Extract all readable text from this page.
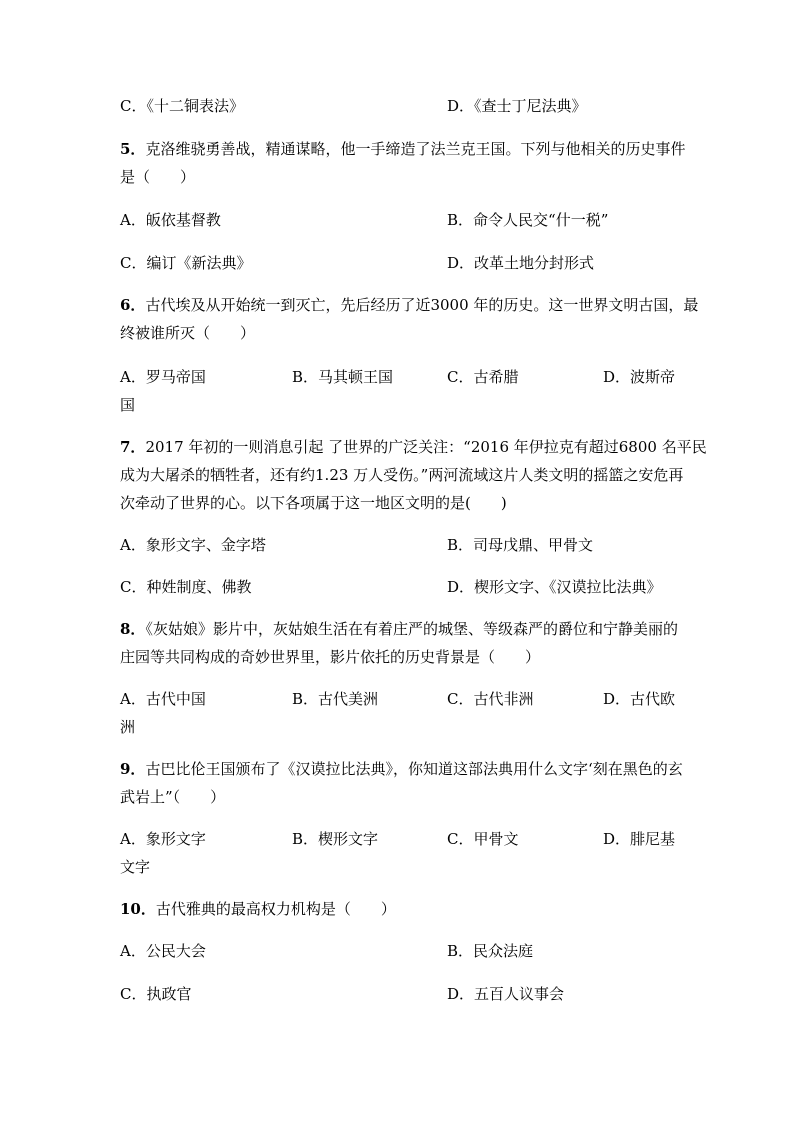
C．《十二铜表法》	D．《查士丁尼法典》
5．克洛维骁勇善战，精通谋略，他一手缔造了法兰克王国。下列与他相关的历史事件
是（　　）
A．皈依基督教	B．命令人民交“什一税”
C．编订《新法典》	D．改革土地分封形式
6．古代埃及从开始统一到灭亡，先后经历了近3000 年的历史。这一世界文明古国，最
终被谁所灭（　　）
A．罗马帝国	B．马其顿王国	C．古希腊	D．波斯帝
国
7．2017 年初的一则消息引起 了世界的广泛关注：“2016 年伊拉克有超过6800 名平民
成为大屠杀的牺牲者，还有约1.23 万人受伤。”两河流域这片人类文明的摇篮之安危再
次牵动了世界的心。以下各项属于这一地区文明的是(　　)
A．象形文字、金字塔	B．司母戊鼎、甲骨文
C．种姓制度、佛教	D．楔形文字、《汉谟拉比法典》
8．《灰姑娘》影片中，灰姑娘生活在有着庄严的城堡、等级森严的爵位和宁静美丽的
庄园等共同构成的奇妙世界里，影片依托的历史背景是（　　）
A．古代中国	B．古代美洲	C．古代非洲	D．古代欧
洲
9．古巴比伦王国颁布了《汉谟拉比法典》，你知道这部法典用什么文字‘刻在黑色的玄
武岩上”（　　）
A．象形文字	B．楔形文字	C．甲骨文	D．腓尼基
文字
10．古代雅典的最高权力机构是（　　）
A．公民大会	B．民众法庭
C．执政官	D．五百人议事会
